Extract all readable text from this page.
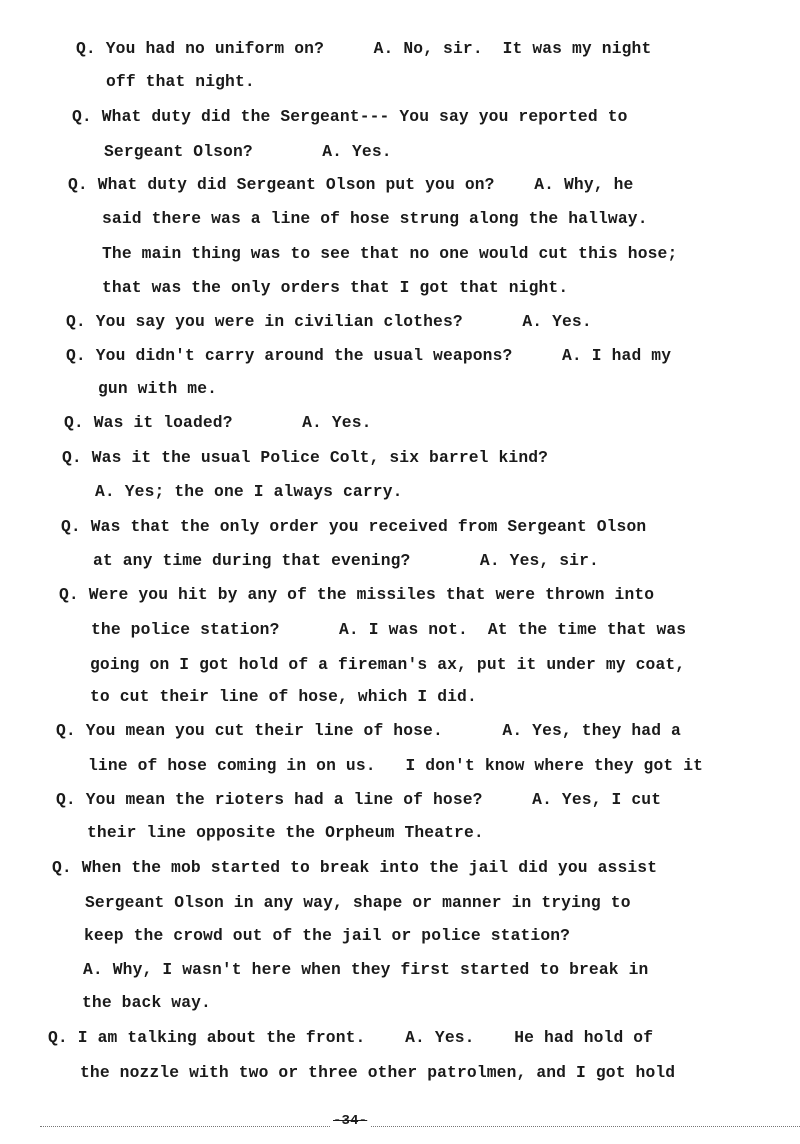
Q. You had no uniform on?     A. No, sir.  It was my night
off that night.
Q. What duty did the Sergeant--- You say you reported to
Sergeant Olson?       A. Yes.
Q. What duty did Sergeant Olson put you on?    A. Why, he
said there was a line of hose strung along the hallway.
The main thing was to see that no one would cut this hose;
that was the only orders that I got that night.
Q. You say you were in civilian clothes?      A. Yes.
Q. You didn't carry around the usual weapons?     A. I had my
gun with me.
Q. Was it loaded?       A. Yes.
Q. Was it the usual Police Colt, six barrel kind?
A. Yes; the one I always carry.
Q. Was that the only order you received from Sergeant Olson
at any time during that evening?       A. Yes, sir.
Q. Were you hit by any of the missiles that were thrown into
the police station?      A. I was not.  At the time that was
going on I got hold of a fireman's ax, put it under my coat,
to cut their line of hose, which I did.
Q. You mean you cut their line of hose.      A. Yes, they had a
line of hose coming in on us.   I don't know where they got it
Q. You mean the rioters had a line of hose?     A. Yes, I cut
their line opposite the Orpheum Theatre.
Q. When the mob started to break into the jail did you assist
Sergeant Olson in any way, shape or manner in trying to
keep the crowd out of the jail or police station?
A. Why, I wasn't here when they first started to break in
the back way.
Q. I am talking about the front.    A. Yes.    He had hold of
the nozzle with two or three other patrolmen, and I got hold
-34-
